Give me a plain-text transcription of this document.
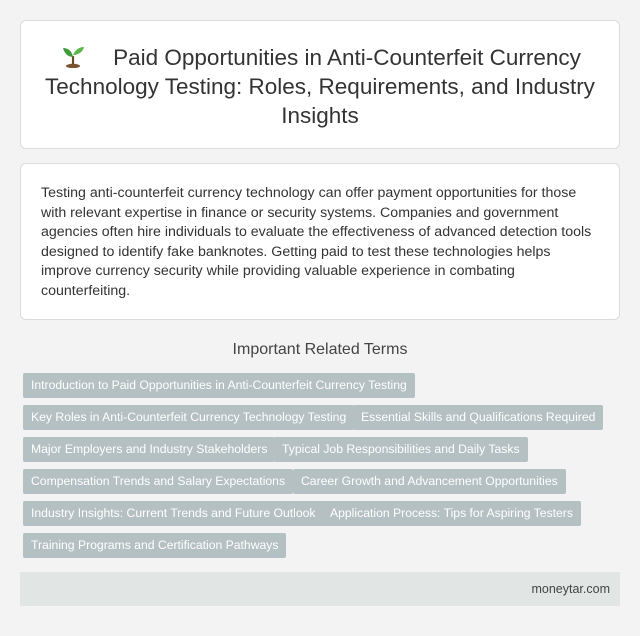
Paid Opportunities in Anti-Counterfeit Currency Technology Testing: Roles, Requirements, and Industry Insights

Testing anti-counterfeit currency technology can offer payment opportunities for those with relevant expertise in finance or security systems. Companies and government agencies often hire individuals to evaluate the effectiveness of advanced detection tools designed to identify fake banknotes. Getting paid to test these technologies helps improve currency security while providing valuable experience in combating counterfeiting.

Important Related Terms
Introduction to Paid Opportunities in Anti-Counterfeit Currency Testing
Key Roles in Anti-Counterfeit Currency Technology Testing	Essential Skills and Qualifications Required
Major Employers and Industry Stakeholders	Typical Job Responsibilities and Daily Tasks
Compensation Trends and Salary Expectations	Career Growth and Advancement Opportunities
Industry Insights: Current Trends and Future Outlook	Application Process: Tips for Aspiring Testers
Training Programs and Certification Pathways
moneytar.com
